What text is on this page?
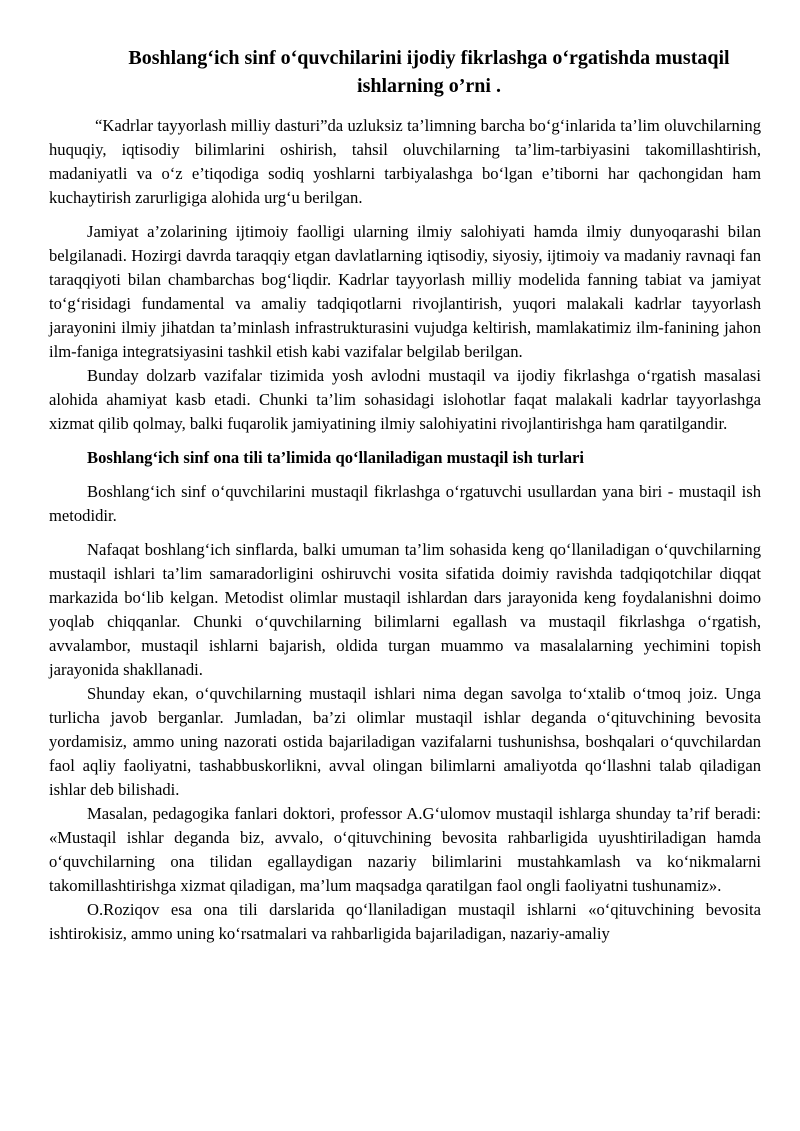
Boshlang‘ich sinf o‘quvchilarini ijodiy fikrlashga o‘rgatishda mustaqil ishlarning o’rni .

“Kadrlar tayyorlash milliy dasturi”da uzluksiz ta’limning barcha bo‘g‘inlarida ta’lim oluvchilarning huquqiy, iqtisodiy bilimlarini oshirish, tahsil oluvchilarning ta’lim-tarbiyasini takomillashtirish, madaniyatli va o‘z e’tiqodiga sodiq yoshlarni tarbiyalashga bo‘lgan e’tiborni har qachongidan ham kuchaytirish zarurligiga alohida urg‘u berilgan.

Jamiyat a’zolarining ijtimoiy faolligi ularning ilmiy salohiyati hamda ilmiy dunyoqarashi bilan belgilanadi. Hozirgi davrda taraqqiy etgan davlatlarning iqtisodiy, siyosiy, ijtimoiy va madaniy ravnaqi fan taraqqiyoti bilan chambarchas bog‘liqdir. Kadrlar tayyorlash milliy modelida fanning tabiat va jamiyat to‘g‘risidagi fundamental va amaliy tadqiqotlarni rivojlantirish, yuqori malakali kadrlar tayyorlash jarayonini ilmiy jihatdan ta’minlash infrastrukturasini vujudga keltirish, mamlakatimiz ilm-fanining jahon ilm-faniga integratsiyasini tashkil etish kabi vazifalar belgilab berilgan.

Bunday dolzarb vazifalar tizimida yosh avlodni mustaqil va ijodiy fikrlashga o‘rgatish masalasi alohida ahamiyat kasb etadi. Chunki ta’lim sohasidagi islohotlar faqat malakali kadrlar tayyorlashga xizmat qilib qolmay, balki fuqarolik jamiyatining ilmiy salohiyatini rivojlantirishga ham qaratilgandir.

Boshlang‘ich sinf ona tili ta’limida qo‘llaniladigan mustaqil ish turlari

Boshlang‘ich sinf o‘quvchilarini mustaqil fikrlashga o‘rgatuvchi usullardan yana biri - mustaqil ish metodidir.

Nafaqat boshlang‘ich sinflarda, balki umuman ta’lim sohasida keng qo‘llaniladigan o‘quvchilarning mustaqil ishlari ta’lim samaradorligini oshiruvchi vosita sifatida doimiy ravishda tadqiqotchilar diqqat markazida bo‘lib kelgan. Metodist olimlar mustaqil ishlardan dars jarayonida keng foydalanishni doimo yoqlab chiqqanlar. Chunki o‘quvchilarning bilimlarni egallash va mustaqil fikrlashga o‘rgatish, avvalambor, mustaqil ishlarni bajarish, oldida turgan muammo va masalalarning yechimini topish jarayonida shakllanadi.

Shunday ekan, o‘quvchilarning mustaqil ishlari nima degan savolga to‘xtalib o‘tmoq joiz. Unga turlicha javob berganlar. Jumladan, ba’zi olimlar mustaqil ishlar deganda o‘qituvchining bevosita yordamisiz, ammo uning nazorati ostida bajariladigan vazifalarni tushunishsa, boshqalari o‘quvchilardan faol aqliy faoliyatni, tashabbuskorlikni, avval olingan bilimlarni amaliyotda qo‘llashni talab qiladigan ishlar deb bilishadi.

Masalan, pedagogika fanlari doktori, professor A.G‘ulomov mustaqil ishlarga shunday ta’rif beradi: «Mustaqil ishlar deganda biz, avvalo, o‘qituvchining bevosita rahbarligida uyushtiriladigan hamda o‘quvchilarning ona tilidan egallaydigan nazariy bilimlarini mustahkamlash va ko‘nikmalarni takomillashtirishga xizmat qiladigan, ma’lum maqsadga qaratilgan faol ongli faoliyatni tushunamiz».

O.Roziqov esa ona tili darslarida qo‘llaniladigan mustaqil ishlarni «o‘qituvchining bevosita ishtirokisiz, ammo uning ko‘rsatmalari va rahbarligida bajariladigan, nazariy-amaliy
